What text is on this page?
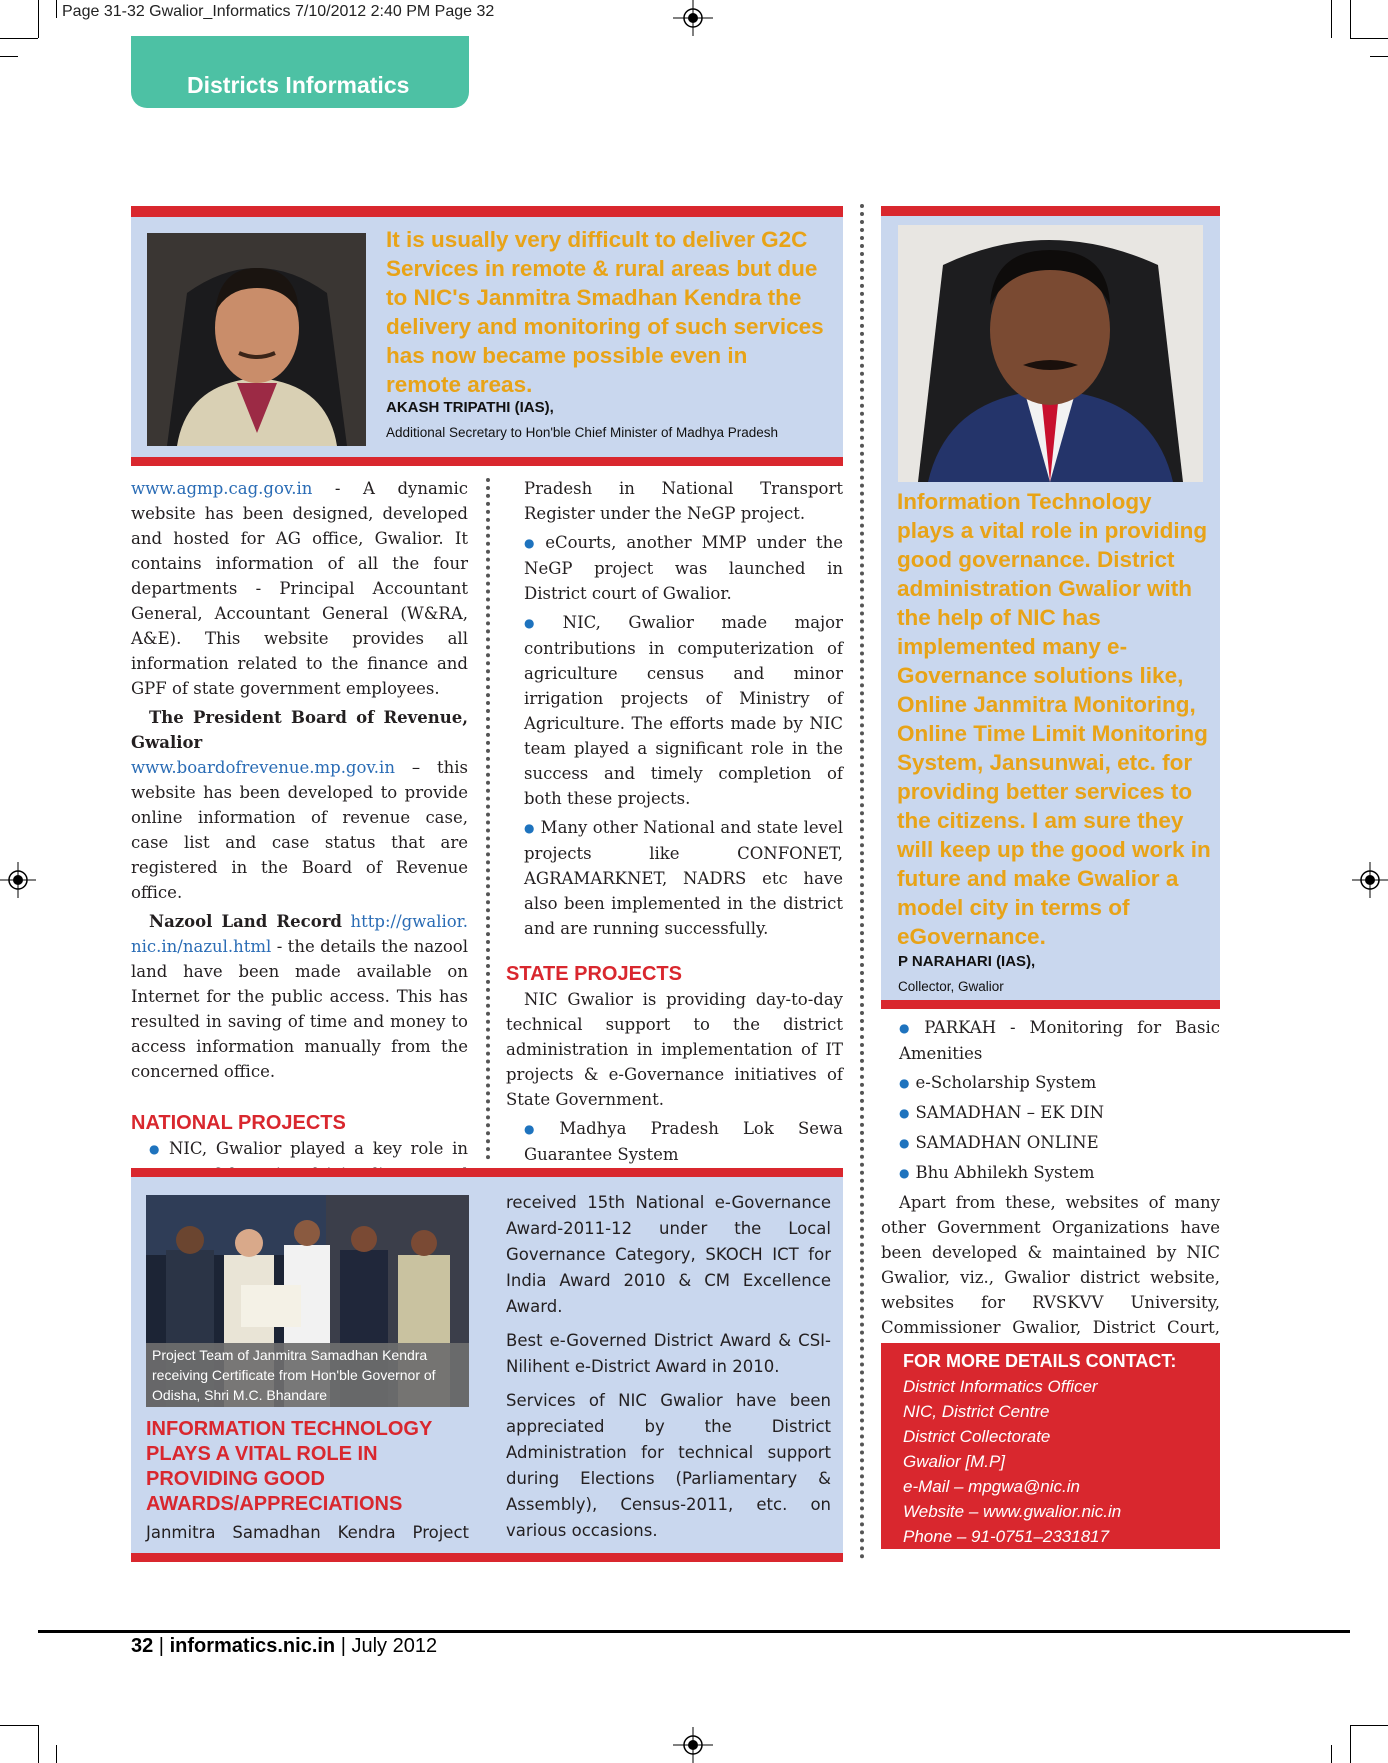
Page 31-32 Gwalior_Informatics 7/10/2012 2:40 PM Page 32
Districts Informatics
It is usually very difficult to deliver G2C Services in remote & rural areas but due to NIC's Janmitra Smadhan Kendra the delivery and monitoring of such services has now became possible even in remote areas.
AKASH TRIPATHI (IAS),
Additional Secretary to Hon'ble Chief Minister of Madhya Pradesh
Information Technology plays a vital role in providing good governance. District administration Gwalior with the help of NIC has implemented many e-Governance solutions like, Online Janmitra Monitoring, Online Time Limit Monitoring System, Jansunwai, etc. for providing better services to the citizens. I am sure they will keep up the good work in future and make Gwalior a model city in terms of eGovernance.
P NARAHARI (IAS),
Collector, Gwalior

www.agmp.cag.gov.in - A dynamic website has been designed, developed and hosted for AG office, Gwalior. It contains information of all the four departments - Principal Accountant General, Accountant General (W&RA, A&E). This website provides all information related to the finance and GPF of state government employees.

The President Board of Revenue, Gwalior www.boardofrevenue.mp.gov.in – this website has been developed to provide online information of revenue case, case list and case status that are registered in the Board of Revenue office.

Nazool Land Record http://gwalior.nic.in/nazul.html - the details the nazool land have been made available on Internet for the public access. This has resulted in saving of time and money to access information manually from the concerned office.

NATIONAL PROJECTS

● NIC, Gwalior played a key role in

Pradesh in National Transport Register under the NeGP project.

● eCourts, another MMP under the NeGP project was launched in District court of Gwalior.

● NIC, Gwalior made major contributions in computerization of agriculture census and minor irrigation projects of Ministry of Agriculture. The efforts made by NIC team played a significant role in the success and timely completion of both these projects.

● Many other National and state level projects like CONFONET, AGRAMARKNET, NADRS etc have also been implemented in the district and are running successfully.

STATE PROJECTS

NIC Gwalior is providing day-to-day technical support to the district administration in implementation of IT projects & e-Governance initiatives of State Government.

● Madhya Pradesh Lok Sewa Guarantee System

● PARKAH - Monitoring for Basic Amenities

● e-Scholarship System

● SAMADHAN – EK DIN

● SAMADHAN ONLINE

● Bhu Abhilekh System

Apart from these, websites of many other Government Organizations have been developed & maintained by NIC Gwalior, viz., Gwalior district website, websites for RVSKVV University, Commissioner Gwalior, District Court,

Project Team of Janmitra Samadhan Kendra receiving Certificate from Hon'ble Governor of Odisha, Shri M.C. Bhandare
INFORMATION TECHNOLOGY PLAYS A VITAL ROLE IN PROVIDING GOOD AWARDS/APPRECIATIONS
Janmitra Samadhan Kendra Project

received 15th National e-Governance Award-2011-12 under the Local Governance Category, SKOCH ICT for India Award 2010 & CM Excellence Award.

Best e-Governed District Award & CSI-Nilihent e-District Award in 2010.

Services of NIC Gwalior have been appreciated by the District Administration for technical support during Elections (Parliamentary & Assembly), Census-2011, etc. on various occasions.

FOR MORE DETAILS CONTACT:
District Informatics Officer
NIC, District Centre
District Collectorate
Gwalior [M.P]
e-Mail – mpgwa@nic.in
Website – www.gwalior.nic.in
Phone – 91-0751–2331817
32 | informatics.nic.in | July 2012
